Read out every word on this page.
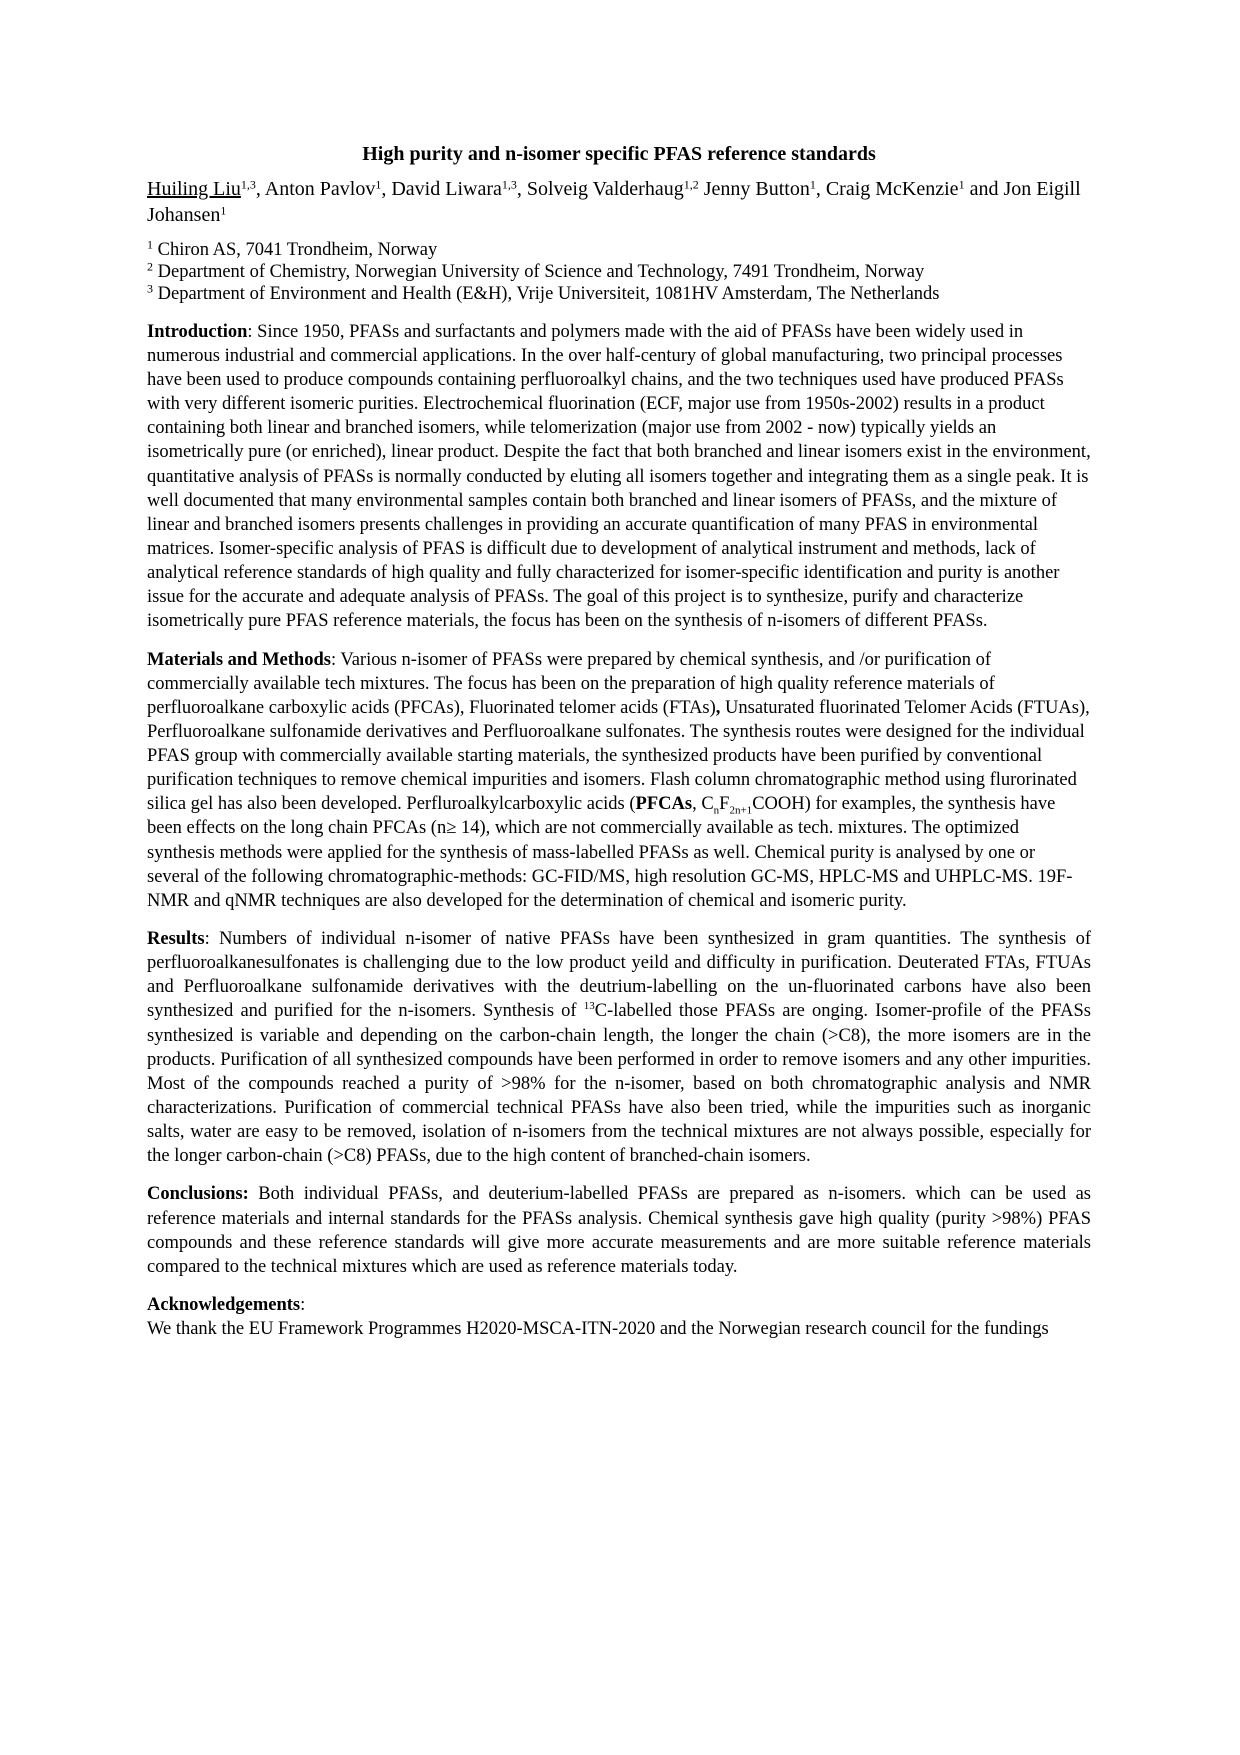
High purity and n-isomer specific PFAS reference standards
Huiling Liu$^{1,3}$, Anton Pavlov$^1$, David Liwara$^{1,3}$, Solveig Valderhaug$^{1,2}$ Jenny Button$^1$, Craig McKenzie$^1$ and Jon Eigill Johansen$^1$
$^1$ Chiron AS, 7041 Trondheim, Norway
$^2$ Department of Chemistry, Norwegian University of Science and Technology, 7491 Trondheim, Norway
$^3$ Department of Environment and Health (E&H), Vrije Universiteit, 1081HV Amsterdam, The Netherlands
Introduction: Since 1950, PFASs and surfactants and polymers made with the aid of PFASs have been widely used in numerous industrial and commercial applications. In the over half-century of global manufacturing, two principal processes have been used to produce compounds containing perfluoroalkyl chains, and the two techniques used have produced PFASs with very different isomeric purities. Electrochemical fluorination (ECF, major use from 1950s-2002) results in a product containing both linear and branched isomers, while telomerization (major use from 2002 - now) typically yields an isometrically pure (or enriched), linear product. Despite the fact that both branched and linear isomers exist in the environment, quantitative analysis of PFASs is normally conducted by eluting all isomers together and integrating them as a single peak. It is well documented that many environmental samples contain both branched and linear isomers of PFASs, and the mixture of linear and branched isomers presents challenges in providing an accurate quantification of many PFAS in environmental matrices. Isomer-specific analysis of PFAS is difficult due to development of analytical instrument and methods, lack of analytical reference standards of high quality and fully characterized for isomer-specific identification and purity is another issue for the accurate and adequate analysis of PFASs. The goal of this project is to synthesize, purify and characterize isometrically pure PFAS reference materials, the focus has been on the synthesis of n-isomers of different PFASs.
Materials and Methods: Various n-isomer of PFASs were prepared by chemical synthesis, and /or purification of commercially available tech mixtures. The focus has been on the preparation of high quality reference materials of perfluoroalkane carboxylic acids (PFCAs), Fluorinated telomer acids (FTAs), Unsaturated fluorinated Telomer Acids (FTUAs), Perfluoroalkane sulfonamide derivatives and Perfluoroalkane sulfonates. The synthesis routes were designed for the individual PFAS group with commercially available starting materials, the synthesized products have been purified by conventional purification techniques to remove chemical impurities and isomers. Flash column chromatographic method using flurorinated silica gel has also been developed. Perfluroalkylcarboxylic acids (PFCAs, $C_nF_{2n+1}COOH$) for examples, the synthesis have been effects on the long chain PFCAs (n≥ 14), which are not commercially available as tech. mixtures. The optimized synthesis methods were applied for the synthesis of mass-labelled PFASs as well. Chemical purity is analysed by one or several of the following chromatographic-methods: GC-FID/MS, high resolution GC-MS, HPLC-MS and UHPLC-MS. 19F-NMR and qNMR techniques are also developed for the determination of chemical and isomeric purity.
Results: Numbers of individual n-isomer of native PFASs have been synthesized in gram quantities. The synthesis of perfluoroalkanesulfonates is challenging due to the low product yeild and difficulty in purification. Deuterated FTAs, FTUAs and Perfluoroalkane sulfonamide derivatives with the deutrium-labelling on the un-fluorinated carbons have also been synthesized and purified for the n-isomers. Synthesis of $^{13}$C-labelled those PFASs are onging. Isomer-profile of the PFASs synthesized is variable and depending on the carbon-chain length, the longer the chain (>C8), the more isomers are in the products. Purification of all synthesized compounds have been performed in order to remove isomers and any other impurities. Most of the compounds reached a purity of >98% for the n-isomer, based on both chromatographic analysis and NMR characterizations. Purification of commercial technical PFASs have also been tried, while the impurities such as inorganic salts, water are easy to be removed, isolation of n-isomers from the technical mixtures are not always possible, especially for the longer carbon-chain (>C8) PFASs, due to the high content of branched-chain isomers.
Conclusions: Both individual PFASs, and deuterium-labelled PFASs are prepared as n-isomers. which can be used as reference materials and internal standards for the PFASs analysis. Chemical synthesis gave high quality (purity >98%) PFAS compounds and these reference standards will give more accurate measurements and are more suitable reference materials compared to the technical mixtures which are used as reference materials today.
Acknowledgements:
We thank the EU Framework Programmes H2020-MSCA-ITN-2020 and the Norwegian research council for the fundings
